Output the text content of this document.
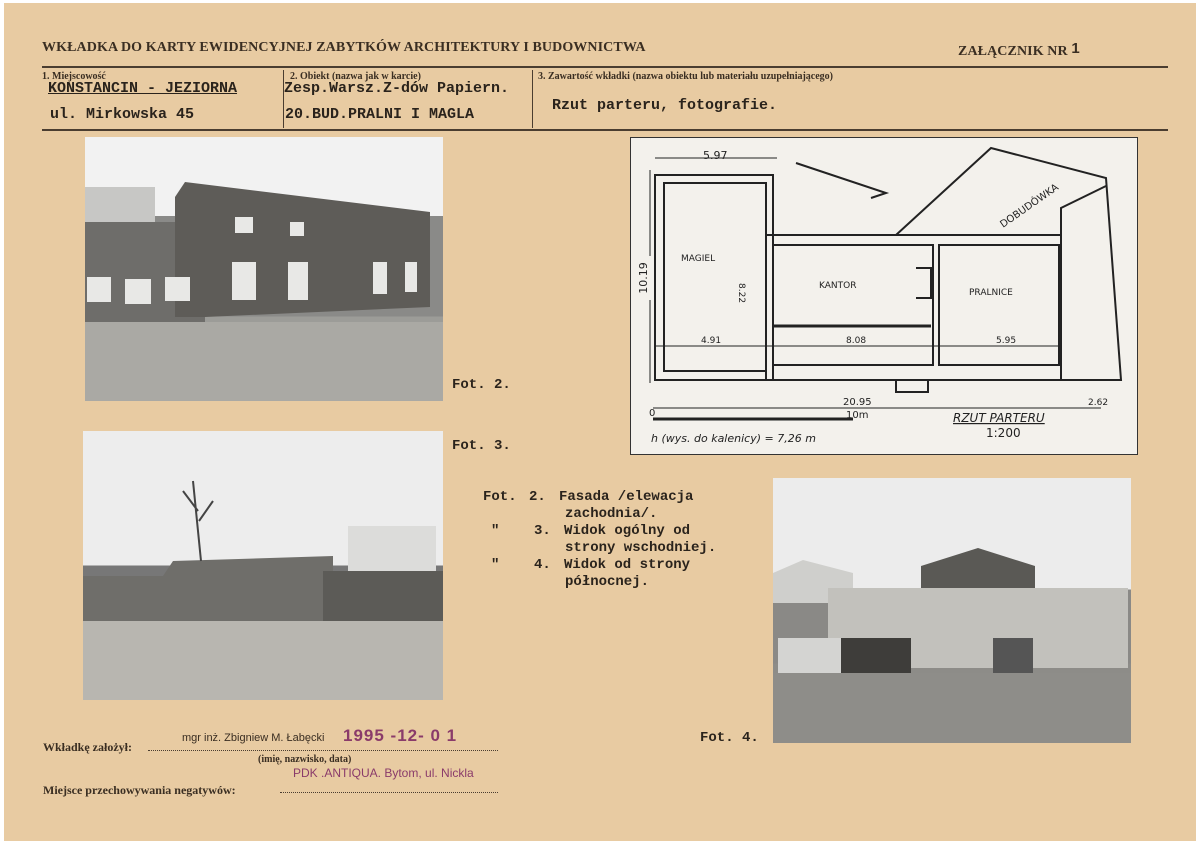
WKŁADKA DO KARTY EWIDENCYJNEJ ZABYTKÓW ARCHITEKTURY I BUDOWNICTWA	ZAŁĄCZNIK NR 1
1. Miejscowość
KONSTANCIN - JEZIORNA
ul. Mirkowska 45
2. Obiekt (nazwa jak w karcie)
Zesp.Warsz.Z-dów Papiern.
20.BUD.PRALNI I MAGLA
3. Zawartość wkładki (nazwa obiektu lub materiału uzupełniającego)
Rzut parteru, fotografie.
Fot. 2.
Fot. 3.
10.19
5.97
8.22
MAGIEL
KANTOR
PRALNICE
DOBUDÓWKA
4.91	8.08	5.95
20.95	2.62
0	10m
h (wys. do kalenicy) = 7,26 m
RZUT PARTERU
1:200
Fot. 2. Fasada /elewacja
zachodnia/.
" 3. Widok ogólny od
strony wschodniej.
" 4. Widok od strony
północnej.
Fot. 4.
Wkładkę założył:
mgr inż. Zbigniew M. Łabęcki 1995 -12- 0 1
(imię, nazwisko, data)
PDK .ANTIQUA. Bytom, ul. Nickla
Miejsce przechowywania negatywów:
